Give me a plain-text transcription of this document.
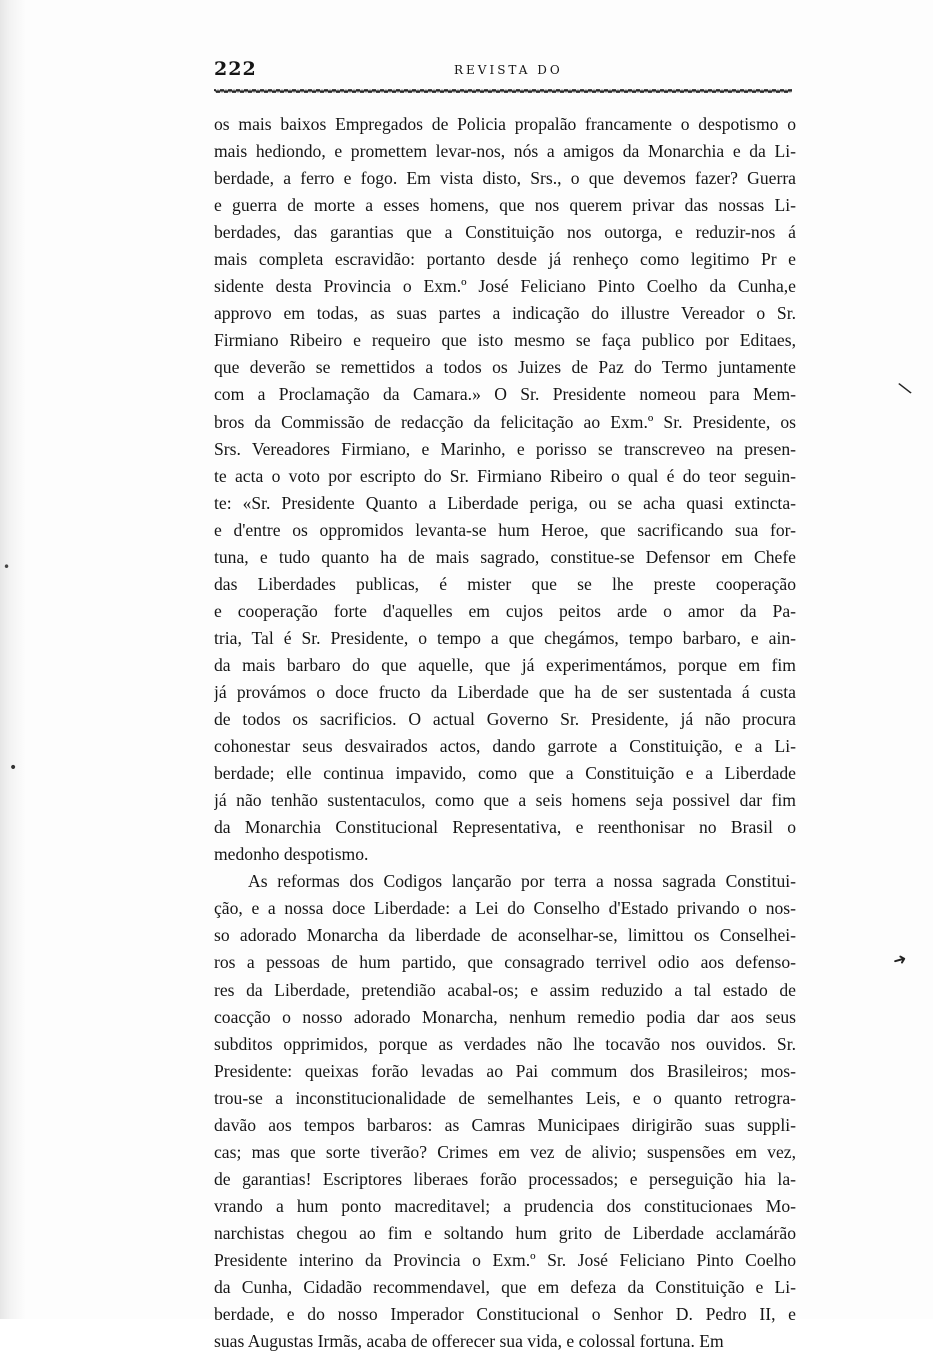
222	REVISTA DO
os mais baixos Empregados de Policia propalão francamente o despotismo o
mais hediondo, e promettem levar-nos, nós a amigos da Monarchia e da Li-
berdade, a ferro e fogo. Em vista disto, Srs., o que devemos fazer? Guerra
e guerra de morte a esses homens, que nos querem privar das nossas Li-
berdades, das garantias que a Constituição nos outorga, e reduzir-nos á
mais completa escravidão: portanto desde já renheço como legitimo Pr e
sidente desta Provincia o Exm.º José Feliciano Pinto Coelho da Cunha,e
approvo em todas, as suas partes a indicação do illustre Vereador o Sr.
Firmiano Ribeiro e requeiro que isto mesmo se faça publico por Editaes,
que deverão se remettidos a todos os Juizes de Paz do Termo juntamente
com a Proclamação da Camara.» O Sr. Presidente nomeou para Mem-
bros da Commissão de redacção da felicitação ao Exm.º Sr. Presidente, os
Srs. Vereadores Firmiano, e Marinho, e porisso se transcreveo na presen-
te acta o voto por escripto do Sr. Firmiano Ribeiro o qual é do teor seguin-
te: «Sr. Presidente Quanto a Liberdade periga, ou se acha quasi extincta-
e d'entre os oppromidos levanta-se hum Heroe, que sacrificando sua for-
tuna, e tudo quanto ha de mais sagrado, constitue-se Defensor em Chefe
das Liberdades publicas, é mister que se lhe preste cooperação
e cooperação forte d'aquelles em cujos peitos arde o amor da Pa-
tria, Tal é Sr. Presidente, o tempo a que chegámos, tempo barbaro, e ain-
da mais barbaro do que aquelle, que já experimentámos, porque em fim
já provámos o doce fructo da Liberdade que ha de ser sustentada á custa
de todos os sacrificios. O actual Governo Sr. Presidente, já não procura
cohonestar seus desvairados actos, dando garrote a Constituição, e a Li-
berdade; elle continua impavido, como que a Constituição e a Liberdade
já não tenhão sustentaculos, como que a seis homens seja possivel dar fim
da Monarchia Constitucional Representativa, e reenthonisar no Brasil o
medonho despotismo.
As reformas dos Codigos lançarão por terra a nossa sagrada Constitui-
ção, e a nossa doce Liberdade: a Lei do Conselho d'Estado privando o nos-
so adorado Monarcha da liberdade de aconselhar-se, limittou os Conselhei-
ros a pessoas de hum partido, que consagrado terrivel odio aos defenso-
res da Liberdade, pretendião acabal-os; e assim reduzido a tal estado de
coacção o nosso adorado Monarcha, nenhum remedio podia dar aos seus
subditos opprimidos, porque as verdades não lhe tocavão nos ouvidos. Sr.
Presidente: queixas forão levadas ao Pai commum dos Brasileiros; mos-
trou-se a inconstitucionalidade de semelhantes Leis, e o quanto retrogra-
davão aos tempos barbaros: as Camras Municipaes dirigirão suas suppli-
cas; mas que sorte tiverão? Crimes em vez de alivio; suspensões em vez,
de garantias! Escriptores liberaes forão processados; e perseguição hia la-
vrando a hum ponto macreditavel; a prudencia dos constitucionaes Mo-
narchistas chegou ao fim e soltando hum grito de Liberdade acclamárão
Presidente interino da Provincia o Exm.º Sr. José Feliciano Pinto Coelho
da Cunha, Cidadão recommendavel, que em defeza da Constituição e Li-
berdade, e do nosso Imperador Constitucional o Senhor D. Pedro II, e
suas Augustas Irmãs, acaba de offerecer sua vida, e colossal fortuna. Em
\
➜
•
•
